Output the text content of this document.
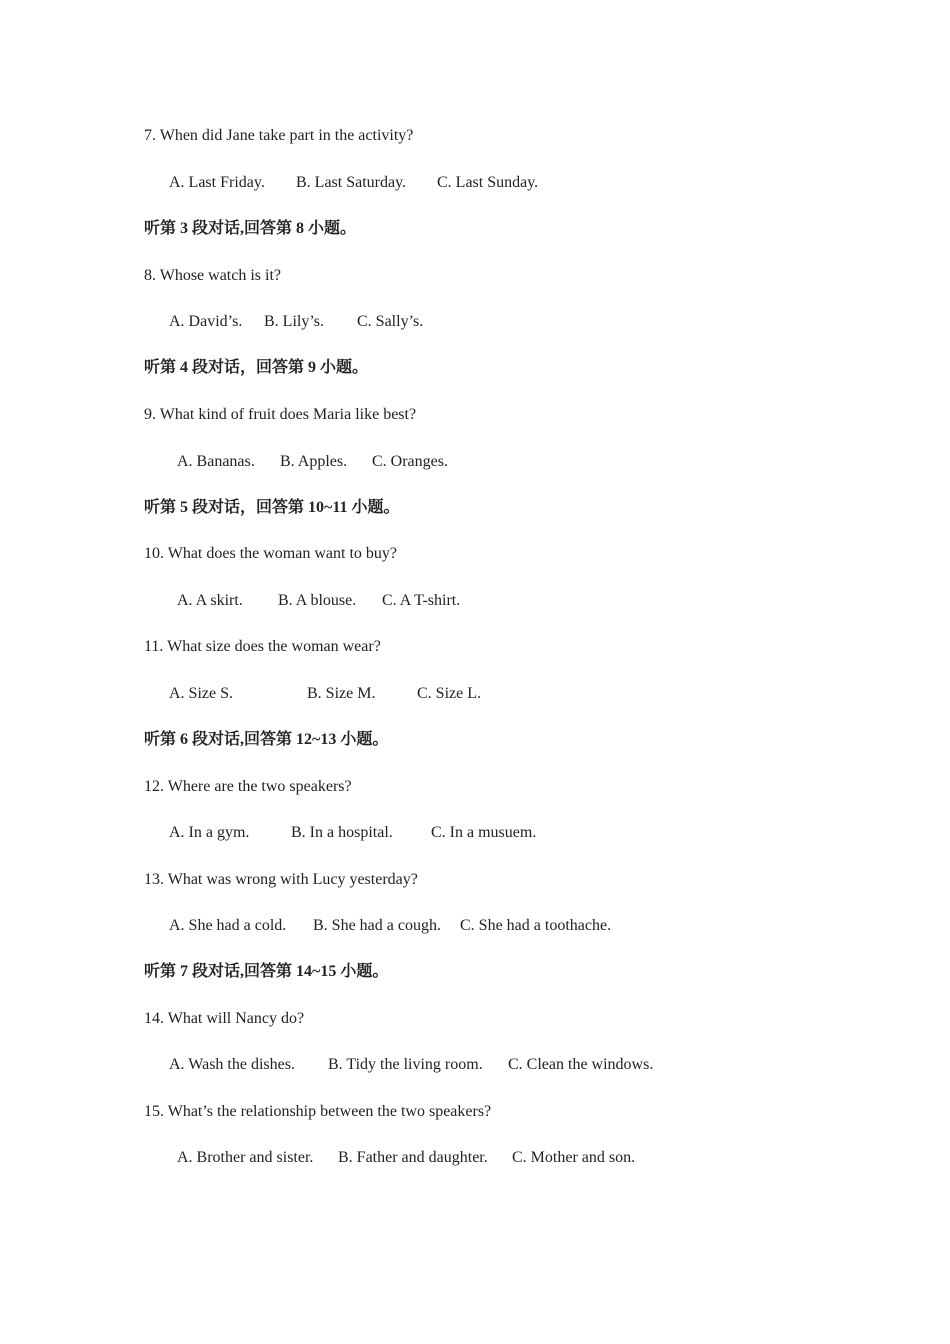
7. When did Jane take part in the activity?
A. Last Friday. B. Last Saturday. C. Last Sunday.
听第 3 段对话,回答第 8 小题。
8. Whose watch is it?
A. David’s. B. Lily’s. C. Sally’s.
听第 4 段对话，回答第 9 小题。
9. What kind of fruit does Maria like best?
A. Bananas. B. Apples. C. Oranges.
听第 5 段对话，回答第 10~11 小题。
10. What does the woman want to buy?
A. A skirt. B. A blouse. C. A T-shirt.
11. What size does the woman wear?
A. Size S.	B. Size M.	C. Size L.
听第 6 段对话,回答第 12~13 小题。
12. Where are the two speakers?
A. In a gym.	B. In a hospital. C. In a musuem.
13. What was wrong with Lucy yesterday?
A. She had a cold. B. She had a cough. C. She had a toothache.
听第 7 段对话,回答第 14~15 小题。
14. What will Nancy do?
A. Wash the dishes. B. Tidy the living room. C. Clean the windows.
15. What’s the relationship between the two speakers?
A. Brother and sister. B. Father and daughter. C. Mother and son.
